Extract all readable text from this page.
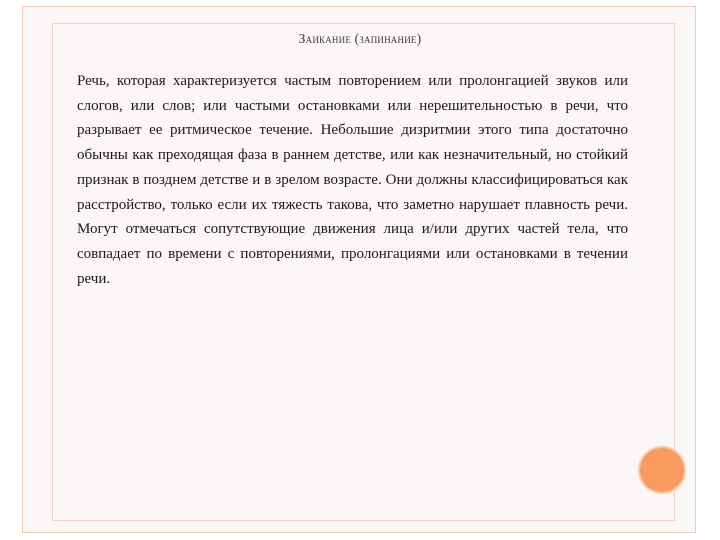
Заикание (запинание)

Речь, которая характеризуется частым повторением или пролонгацией звуков или слогов, или слов; или частыми остановками или нерешительностью в речи, что разрывает ее ритмическое течение. Небольшие дизритмии этого типа достаточно обычны как преходящая фаза в раннем детстве, или как незначительный, но стойкий признак в позднем детстве и в зрелом возрасте. Они должны классифицироваться как расстройство, только если их тяжесть такова, что заметно нарушает плавность речи. Могут отмечаться сопутствующие движения лица и/или других частей тела, что совпадает по времени с повторениями, пролонгациями или остановками в течении речи.
